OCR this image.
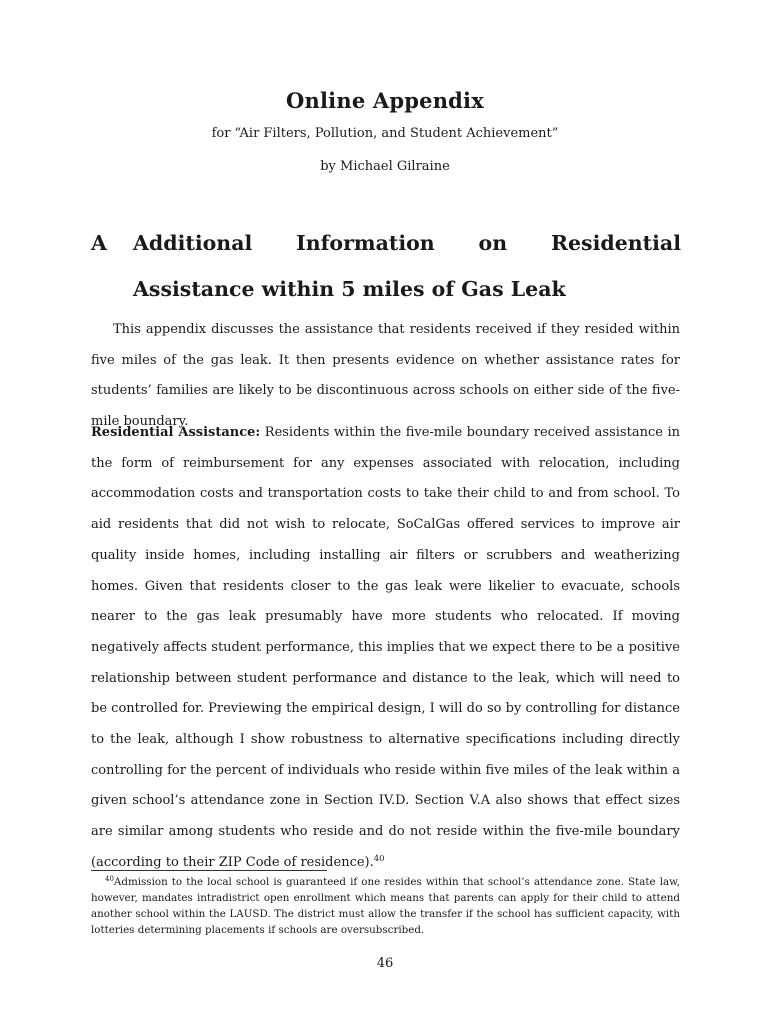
Online Appendix
for “Air Filters, Pollution, and Student Achievement”
by Michael Gilraine
A Additional Information on Residential Assistance within 5 miles of Gas Leak

This appendix discusses the assistance that residents received if they resided within five miles of the gas leak. It then presents evidence on whether assistance rates for students’ families are likely to be discontinuous across schools on either side of the five-mile boundary.

Residential Assistance: Residents within the five-mile boundary received assistance in the form of reimbursement for any expenses associated with relocation, including accommodation costs and transportation costs to take their child to and from school. To aid residents that did not wish to relocate, SoCalGas offered services to improve air quality inside homes, including installing air filters or scrubbers and weatherizing homes. Given that residents closer to the gas leak were likelier to evacuate, schools nearer to the gas leak presumably have more students who relocated. If moving negatively affects student performance, this implies that we expect there to be a positive relationship between student performance and distance to the leak, which will need to be controlled for. Previewing the empirical design, I will do so by controlling for distance to the leak, although I show robustness to alternative specifications including directly controlling for the percent of individuals who reside within five miles of the leak within a given school’s attendance zone in Section IV.D. Section V.A also shows that effect sizes are similar among students who reside and do not reside within the five-mile boundary (according to their ZIP Code of residence).$^{40}$

$^{40}$Admission to the local school is guaranteed if one resides within that school’s attendance zone. State law, however, mandates intradistrict open enrollment which means that parents can apply for their child to attend another school within the LAUSD. The district must allow the transfer if the school has sufficient capacity, with lotteries determining placements if schools are oversubscribed.

46
